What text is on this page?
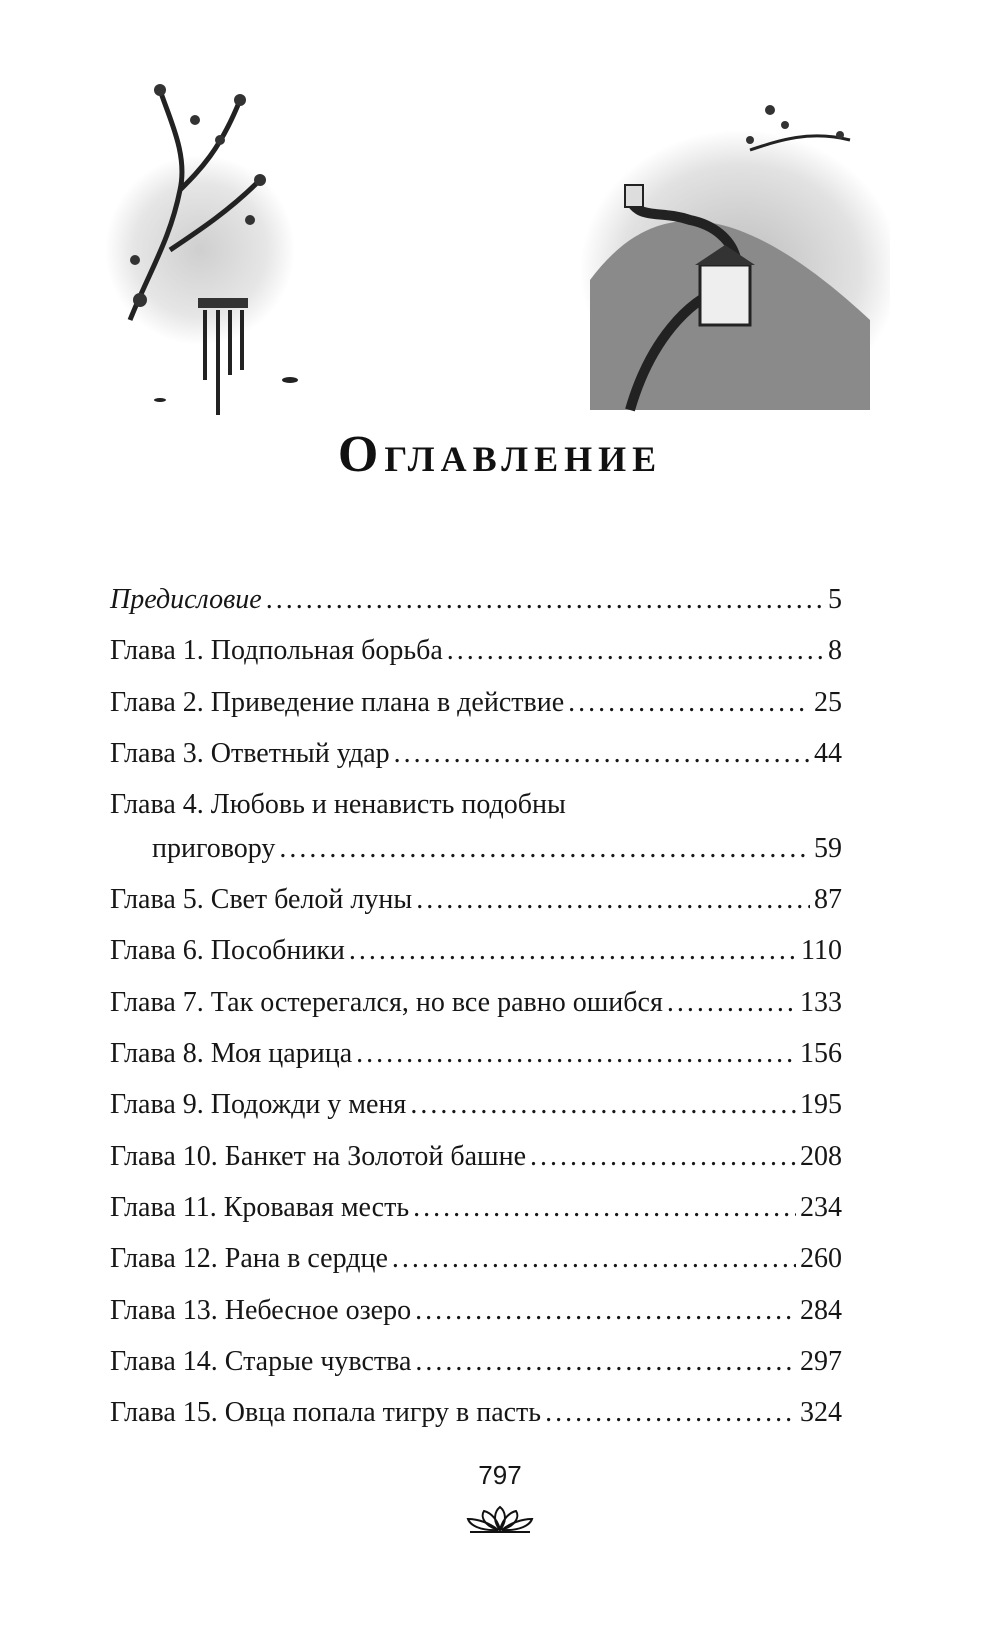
Оглавление
Предисловие . . .	5
Глава 1. Подпольная борьба . . .	8
Глава 2. Приведение плана в действие . . .	25
Глава 3. Ответный удар . . .	44
Глава 4. Любовь и ненависть подобны
приговору . . .	59
Глава 5. Свет белой луны . . .	87
Глава 6. Пособники . . .	110
Глава 7. Так остерегался, но все равно ошибся . . .	133
Глава 8. Моя царица . . .	156
Глава 9. Подожди у меня . . .	195
Глава 10. Банкет на Золотой башне . . .	208
Глава 11. Кровавая месть . . .	234
Глава 12. Рана в сердце . . .	260
Глава 13. Небесное озеро . . .	284
Глава 14. Старые чувства . . .	297
Глава 15. Овца попала тигру в пасть . . .	324
797
